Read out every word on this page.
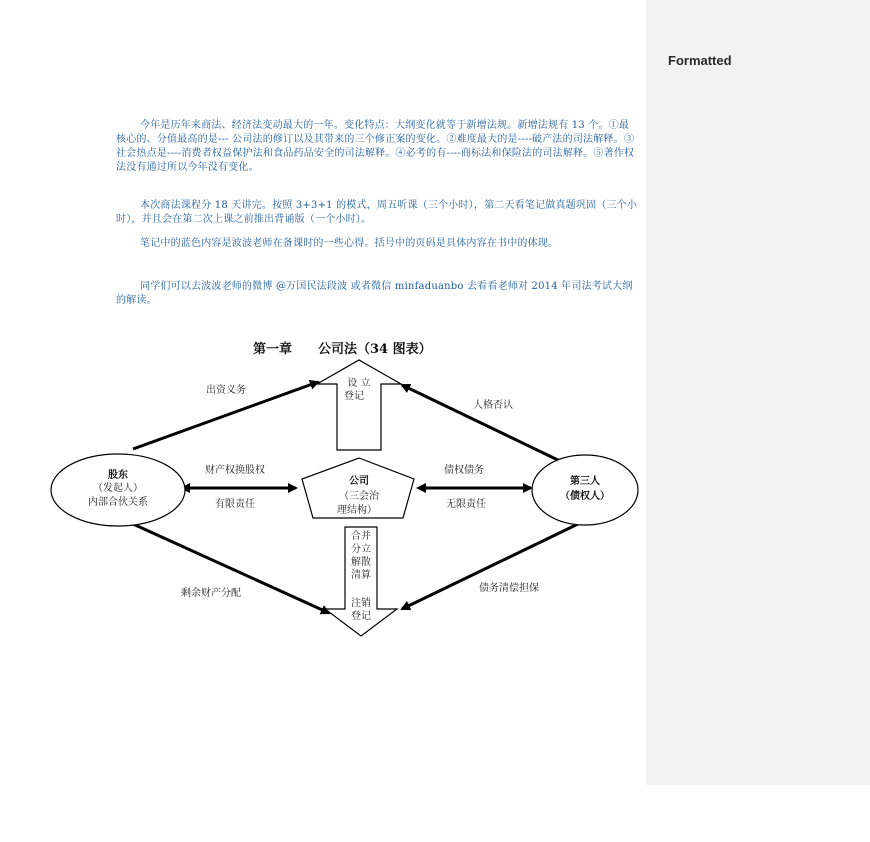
Formatted
今年是历年来商法、经济法变动最大的一年。变化特点：大纲变化就等于新增法规。新增法规有 13 个。①最核心的、分值最高的是--- 公司法的修订以及其带来的三个修正案的变化。②难度最大的是----破产法的司法解释。③社会热点是----消费者权益保护法和食品药品安全的司法解释。④必考的有----商标法和保险法的司法解释。⑤著作权法没有通过所以今年没有变化。
本次商法课程分 18 天讲完。按照 3+3+1 的模式，周五听课（三个小时），第二天看笔记做真题巩固（三个小时），并且会在第二次上课之前推出背诵版（一个小时）。
笔记中的蓝色内容是波波老师在备课时的一些心得。括号中的页码是具体内容在书中的体现。
同学们可以去波波老师的微博 @万国民法段波 或者微信 minfaduanbo 去看看老师对 2014 年司法考试大纲的解读。
第一章　　公司法（34 图表）
设 立
登记
合并
分立
解散
清算
注销
登记
公司
（三会治
理结构）
股东
（发起人）
内部合伙关系
第三人
（债权人）
出资义务
人格否认
财产权换股权
有限责任
债权债务
无限责任
剩余财产分配	债务清偿担保
